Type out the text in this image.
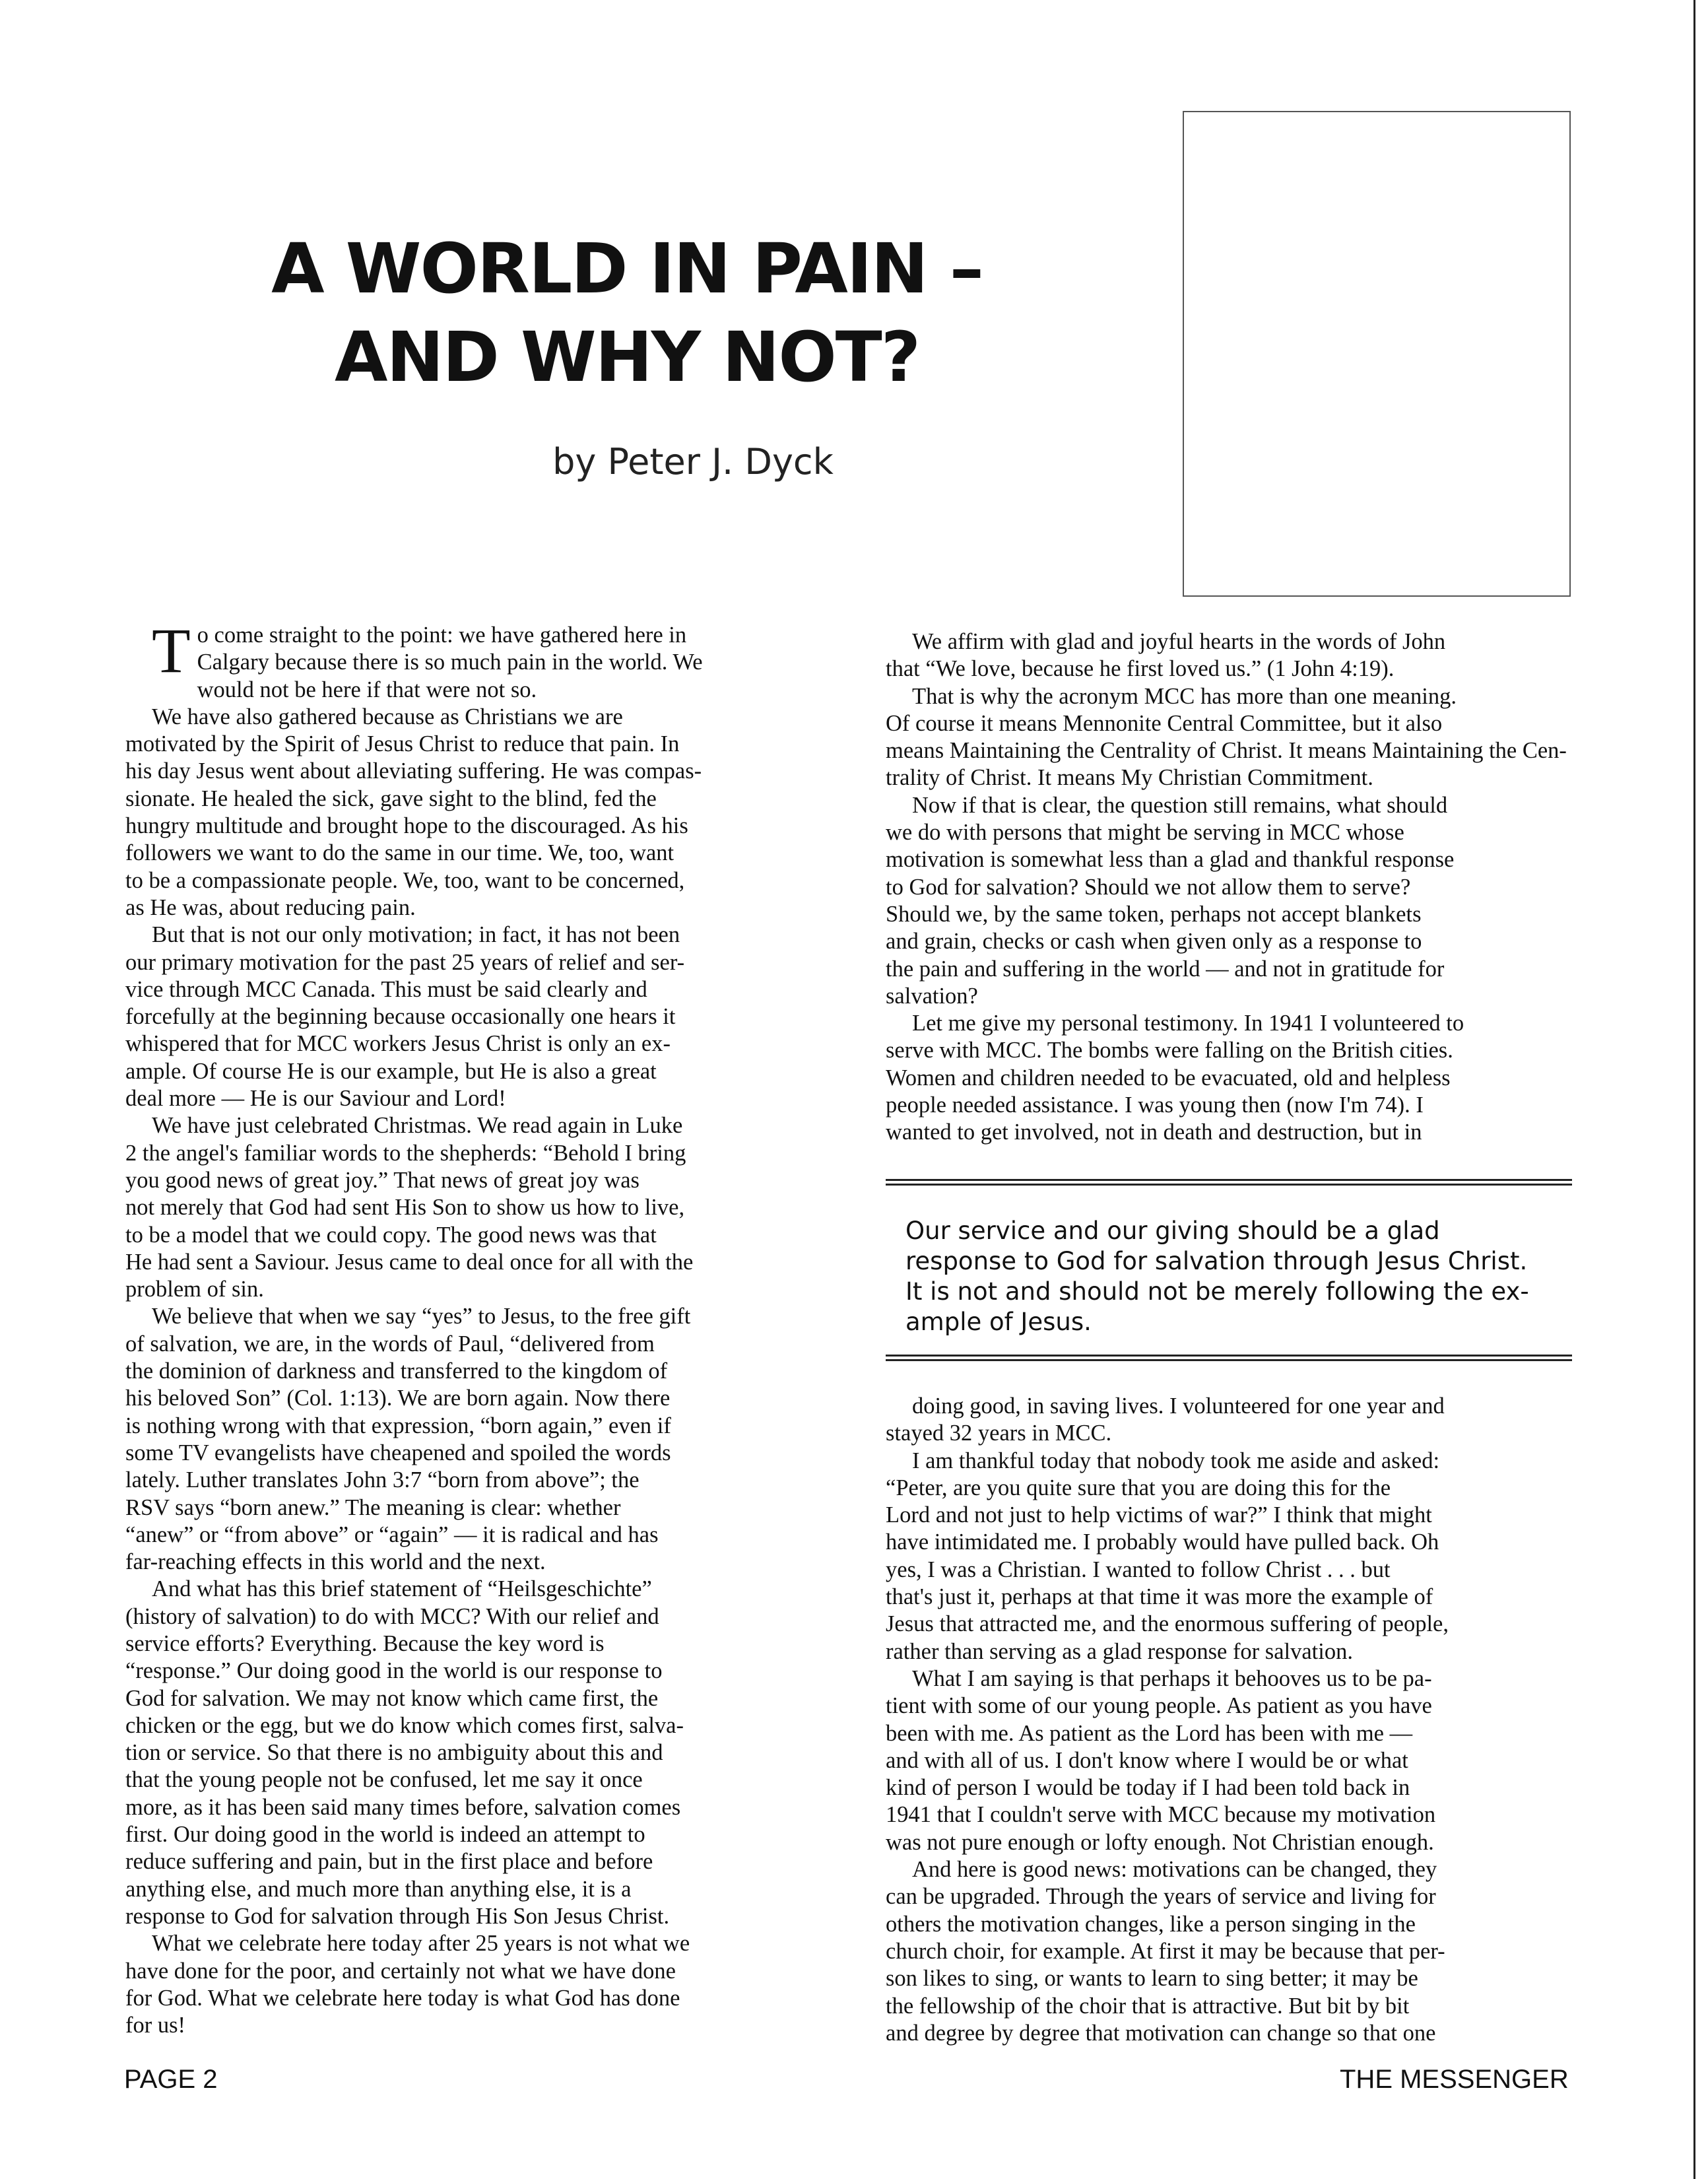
A WORLD IN PAIN –
AND WHY NOT?
by Peter J. Dyck

T o come straight to the point: we have gathered here in
Calgary because there is so much pain in the world. We
would not be here if that were not so.

We have also gathered because as Christians we are
motivated by the Spirit of Jesus Christ to reduce that pain. In
his day Jesus went about alleviating suffering. He was compas-
sionate. He healed the sick, gave sight to the blind, fed the
hungry multitude and brought hope to the discouraged. As his
followers we want to do the same in our time. We, too, want
to be a compassionate people. We, too, want to be concerned,
as He was, about reducing pain.

But that is not our only motivation; in fact, it has not been
our primary motivation for the past 25 years of relief and ser-
vice through MCC Canada. This must be said clearly and
forcefully at the beginning because occasionally one hears it
whispered that for MCC workers Jesus Christ is only an ex-
ample. Of course He is our example, but He is also a great
deal more — He is our Saviour and Lord!

We have just celebrated Christmas. We read again in Luke
2 the angel's familiar words to the shepherds: “Behold I bring
you good news of great joy.” That news of great joy was
not merely that God had sent His Son to show us how to live,
to be a model that we could copy. The good news was that
He had sent a Saviour. Jesus came to deal once for all with the
problem of sin.

We believe that when we say “yes” to Jesus, to the free gift
of salvation, we are, in the words of Paul, “delivered from
the dominion of darkness and transferred to the kingdom of
his beloved Son” (Col. 1:13). We are born again. Now there
is nothing wrong with that expression, “born again,” even if
some TV evangelists have cheapened and spoiled the words
lately. Luther translates John 3:7 “born from above”; the
RSV says “born anew.” The meaning is clear: whether
“anew” or “from above” or “again” — it is radical and has
far-reaching effects in this world and the next.

And what has this brief statement of “Heilsgeschichte”
(history of salvation) to do with MCC? With our relief and
service efforts? Everything. Because the key word is
“response.” Our doing good in the world is our response to
God for salvation. We may not know which came first, the
chicken or the egg, but we do know which comes first, salva-
tion or service. So that there is no ambiguity about this and
that the young people not be confused, let me say it once
more, as it has been said many times before, salvation comes
first. Our doing good in the world is indeed an attempt to
reduce suffering and pain, but in the first place and before
anything else, and much more than anything else, it is a
response to God for salvation through His Son Jesus Christ.

What we celebrate here today after 25 years is not what we
have done for the poor, and certainly not what we have done
for God. What we celebrate here today is what God has done
for us!

We affirm with glad and joyful hearts in the words of John
that “We love, because he first loved us.” (1 John 4:19).

That is why the acronym MCC has more than one meaning.
Of course it means Mennonite Central Committee, but it also
means Maintaining the Centrality of Christ. It means Maintaining the Cen-
trality of Christ. It means My Christian Commitment.

Now if that is clear, the question still remains, what should
we do with persons that might be serving in MCC whose
motivation is somewhat less than a glad and thankful response
to God for salvation? Should we not allow them to serve?
Should we, by the same token, perhaps not accept blankets
and grain, checks or cash when given only as a response to
the pain and suffering in the world — and not in gratitude for
salvation?

Let me give my personal testimony. In 1941 I volunteered to
serve with MCC. The bombs were falling on the British cities.
Women and children needed to be evacuated, old and helpless
people needed assistance. I was young then (now I'm 74). I
wanted to get involved, not in death and destruction, but in

Our service and our giving should be a glad
response to God for salvation through Jesus Christ.
It is not and should not be merely following the ex-
ample of Jesus.

doing good, in saving lives. I volunteered for one year and
stayed 32 years in MCC.

I am thankful today that nobody took me aside and asked:
“Peter, are you quite sure that you are doing this for the
Lord and not just to help victims of war?” I think that might
have intimidated me. I probably would have pulled back. Oh
yes, I was a Christian. I wanted to follow Christ . . . but
that's just it, perhaps at that time it was more the example of
Jesus that attracted me, and the enormous suffering of people,
rather than serving as a glad response for salvation.

What I am saying is that perhaps it behooves us to be pa-
tient with some of our young people. As patient as you have
been with me. As patient as the Lord has been with me —
and with all of us. I don't know where I would be or what
kind of person I would be today if I had been told back in
1941 that I couldn't serve with MCC because my motivation
was not pure enough or lofty enough. Not Christian enough.

And here is good news: motivations can be changed, they
can be upgraded. Through the years of service and living for
others the motivation changes, like a person singing in the
church choir, for example. At first it may be because that per-
son likes to sing, or wants to learn to sing better; it may be
the fellowship of the choir that is attractive. But bit by bit
and degree by degree that motivation can change so that one

PAGE 2	THE MESSENGER
